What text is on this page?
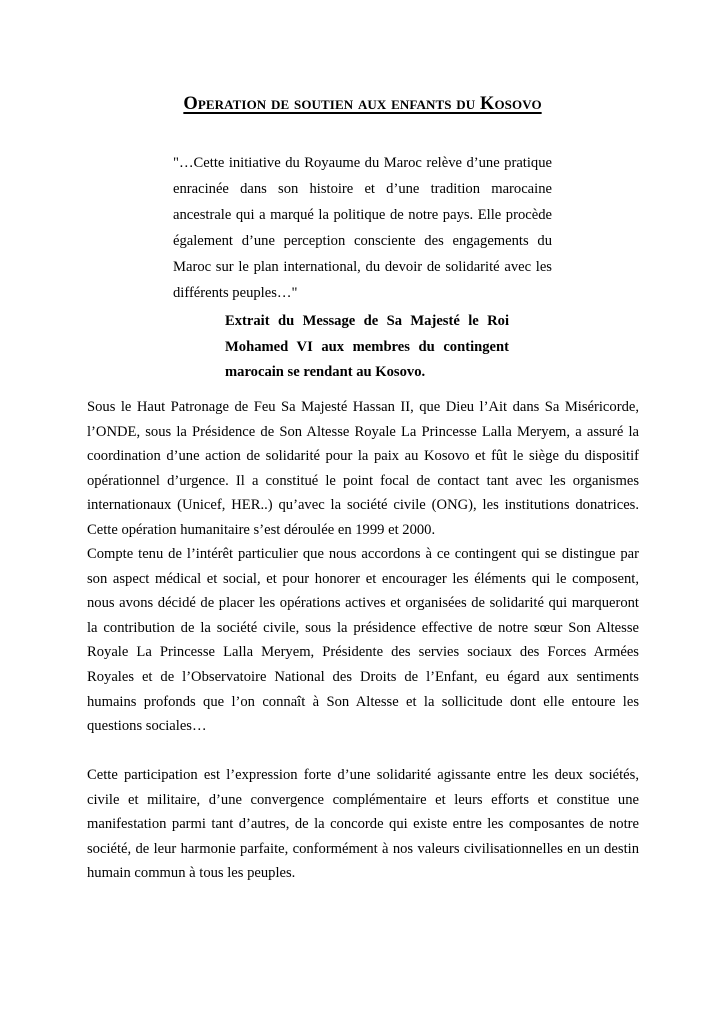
Operation de soutien aux enfants du Kosovo

"…Cette initiative du Royaume du Maroc relève d’une pratique enracinée dans son histoire et d’une tradition marocaine ancestrale qui a marqué la politique de notre pays. Elle procède également d’une perception consciente des engagements du Maroc sur le plan international, du devoir de solidarité avec les différents peuples…"

Extrait du Message de Sa Majesté le Roi Mohamed VI aux membres du contingent marocain se rendant au Kosovo.

Sous le Haut Patronage de Feu Sa Majesté Hassan II, que Dieu l’Ait dans Sa Miséricorde, l’ONDE, sous la Présidence de Son Altesse Royale La Princesse Lalla Meryem, a assuré la coordination d’une action de solidarité pour la paix au Kosovo et fût le siège du dispositif opérationnel d’urgence. Il a constitué le point focal de contact tant avec les organismes internationaux (Unicef, HER..) qu’avec la société civile (ONG), les institutions donatrices. Cette opération humanitaire s’est déroulée en 1999 et 2000.

Compte tenu de l’intérêt particulier que nous accordons à ce contingent qui se distingue par son aspect médical et social, et pour honorer et encourager les éléments qui le composent, nous avons décidé de placer les opérations actives et organisées de solidarité qui marqueront la contribution de la société civile, sous la présidence effective de notre sœur Son Altesse Royale La Princesse Lalla Meryem, Présidente des servies sociaux des Forces Armées Royales et de l’Observatoire National des Droits de l’Enfant, eu égard aux sentiments humains profonds que l’on connaît à Son Altesse et la sollicitude dont elle entoure les questions sociales…

Cette participation est l’expression forte d’une solidarité agissante entre les deux sociétés, civile et militaire, d’une convergence complémentaire et leurs efforts et constitue une manifestation parmi tant d’autres, de la concorde qui existe entre les composantes de notre société, de leur harmonie parfaite, conformément à nos valeurs civilisationnelles en un destin humain commun à tous les peuples.
